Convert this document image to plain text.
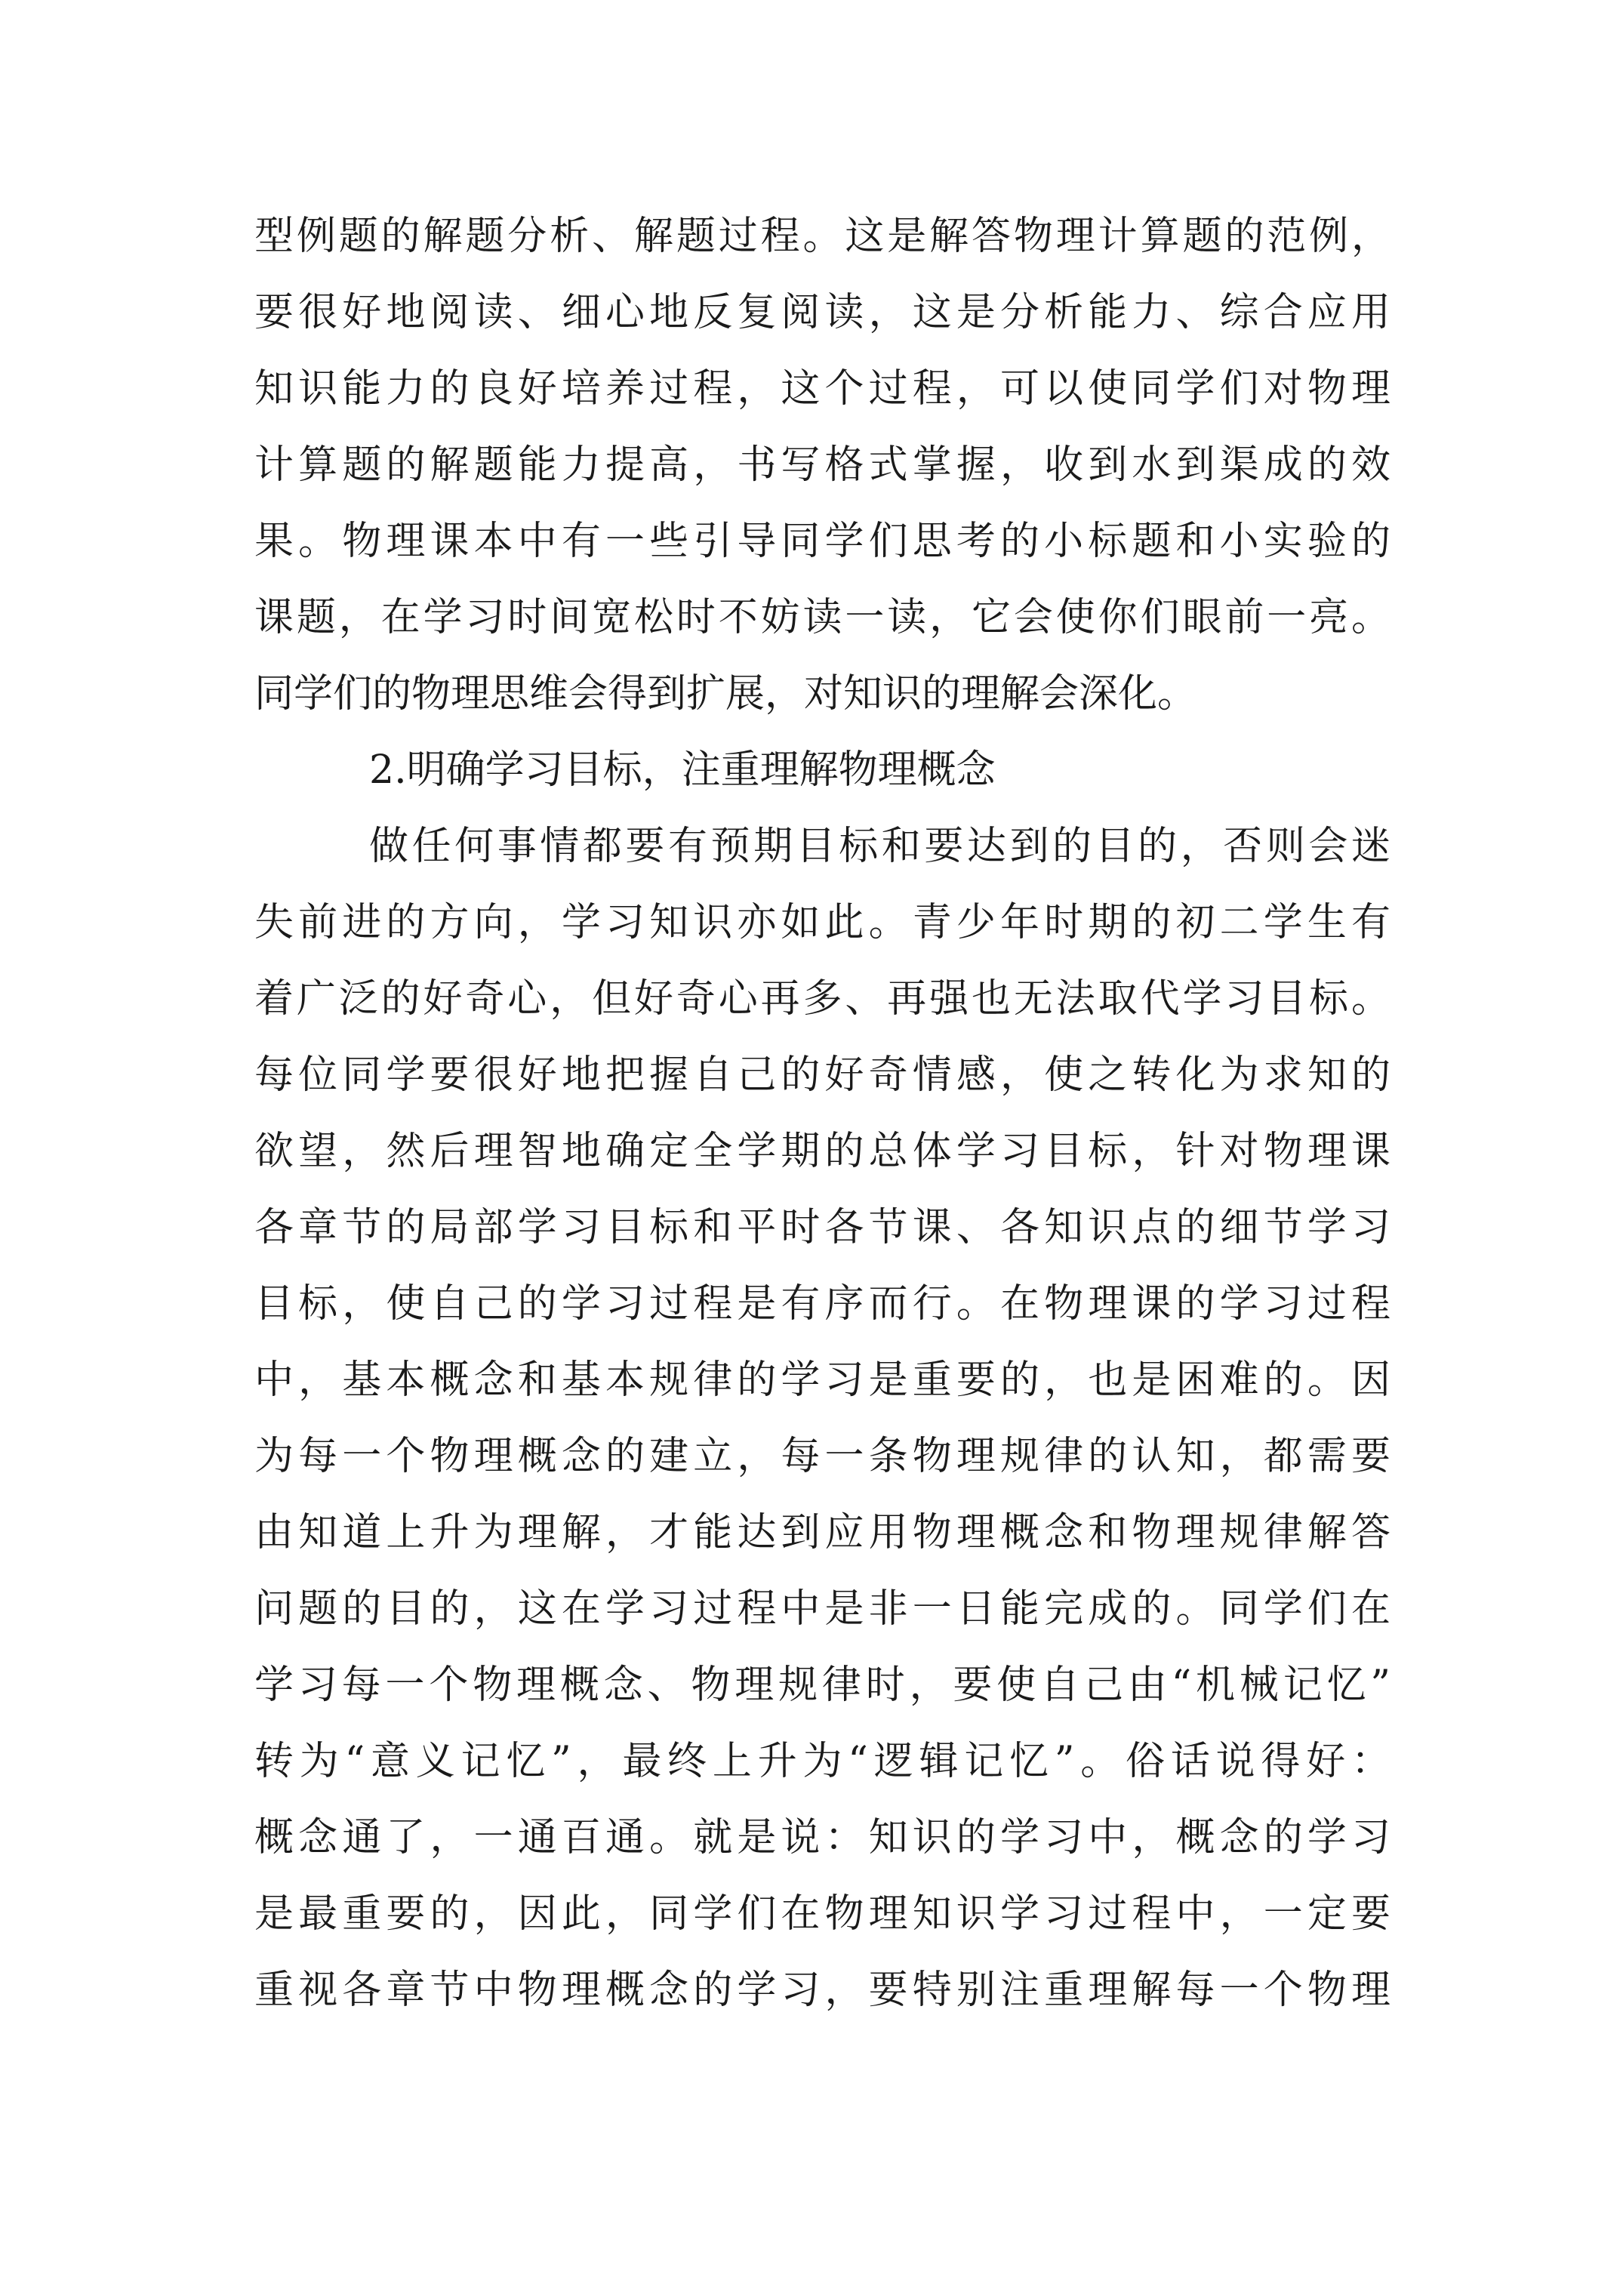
型例题的解题分析、解题过程。这是解答物理计算题的范例，
要很好地阅读、细心地反复阅读，这是分析能力、综合应用
知识能力的良好培养过程，这个过程，可以使同学们对物理
计算题的解题能力提高，书写格式掌握，收到水到渠成的效
果。物理课本中有一些引导同学们思考的小标题和小实验的
课题，在学习时间宽松时不妨读一读，它会使你们眼前一亮。
同学们的物理思维会得到扩展，对知识的理解会深化。
2.明确学习目标，注重理解物理概念
做任何事情都要有预期目标和要达到的目的，否则会迷
失前进的方向，学习知识亦如此。青少年时期的初二学生有
着广泛的好奇心，但好奇心再多、再强也无法取代学习目标。
每位同学要很好地把握自己的好奇情感，使之转化为求知的
欲望，然后理智地确定全学期的总体学习目标，针对物理课
各章节的局部学习目标和平时各节课、各知识点的细节学习
目标，使自己的学习过程是有序而行。在物理课的学习过程
中，基本概念和基本规律的学习是重要的，也是困难的。因
为每一个物理概念的建立，每一条物理规律的认知，都需要
由知道上升为理解，才能达到应用物理概念和物理规律解答
问题的目的，这在学习过程中是非一日能完成的。同学们在
学习每一个物理概念、物理规律时，要使自己由“机械记忆”
转为“意义记忆”，最终上升为“逻辑记忆”。俗话说得好：
概念通了，一通百通。就是说：知识的学习中，概念的学习
是最重要的，因此，同学们在物理知识学习过程中，一定要
重视各章节中物理概念的学习，要特别注重理解每一个物理
